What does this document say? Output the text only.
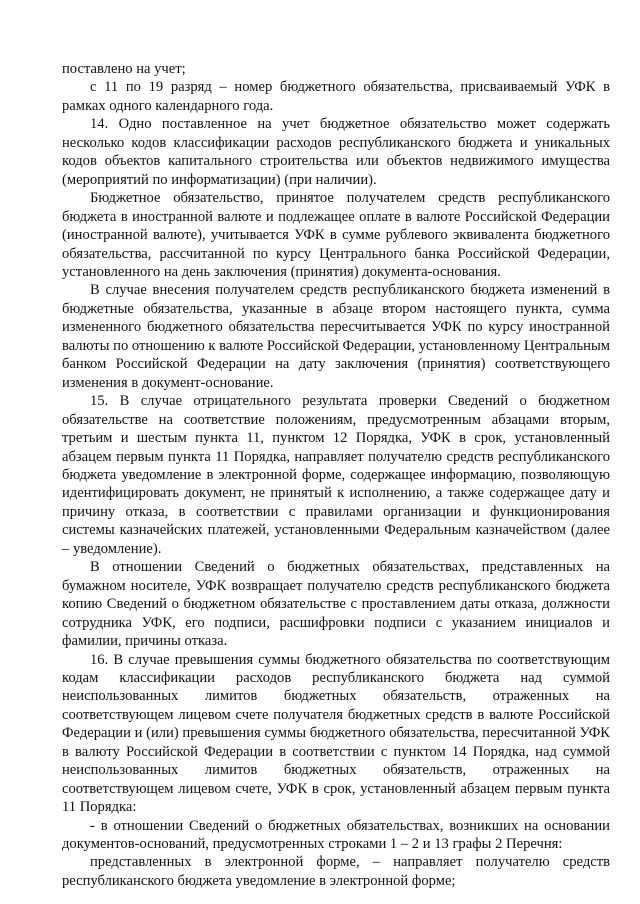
поставлено на учет;

с 11 по 19 разряд – номер бюджетного обязательства, присваиваемый УФК в рамках одного календарного года.

14. Одно поставленное на учет бюджетное обязательство может содержать несколько кодов классификации расходов республиканского бюджета и уникальных кодов объектов капитального строительства или объектов недвижимого имущества (мероприятий по информатизации) (при наличии).

Бюджетное обязательство, принятое получателем средств республиканского бюджета в иностранной валюте и подлежащее оплате в валюте Российской Федерации (иностранной валюте), учитывается УФК в сумме рублевого эквивалента бюджетного обязательства, рассчитанной по курсу Центрального банка Российской Федерации, установленного на день заключения (принятия) документа-основания.

В случае внесения получателем средств республиканского бюджета изменений в бюджетные обязательства, указанные в абзаце втором настоящего пункта, сумма измененного бюджетного обязательства пересчитывается УФК по курсу иностранной валюты по отношению к валюте Российской Федерации, установленному Центральным банком Российской Федерации на дату заключения (принятия) соответствующего изменения в документ-основание.

15. В случае отрицательного результата проверки Сведений о бюджетном обязательстве на соответствие положениям, предусмотренным абзацами вторым, третьим и шестым пункта 11, пунктом 12 Порядка, УФК в срок, установленный абзацем первым пункта 11 Порядка, направляет получателю средств республиканского бюджета уведомление в электронной форме, содержащее информацию, позволяющую идентифицировать документ, не принятый к исполнению, а также содержащее дату и причину отказа, в соответствии с правилами организации и функционирования системы казначейских платежей, установленными Федеральным казначейством (далее – уведомление).

В отношении Сведений о бюджетных обязательствах, представленных на бумажном носителе, УФК возвращает получателю средств республиканского бюджета копию Сведений о бюджетном обязательстве с проставлением даты отказа, должности сотрудника УФК, его подписи, расшифровки подписи с указанием инициалов и фамилии, причины отказа.

16. В случае превышения суммы бюджетного обязательства по соответствующим кодам классификации расходов республиканского бюджета над суммой неиспользованных лимитов бюджетных обязательств, отраженных на соответствующем лицевом счете получателя бюджетных средств в валюте Российской Федерации и (или) превышения суммы бюджетного обязательства, пересчитанной УФК в валюту Российской Федерации в соответствии с пунктом 14 Порядка, над суммой неиспользованных лимитов бюджетных обязательств, отраженных на соответствующем лицевом счете, УФК в срок, установленный абзацем первым пункта 11 Порядка:

- в отношении Сведений о бюджетных обязательствах, возникших на основании документов-оснований, предусмотренных строками 1 – 2 и 13 графы 2 Перечня:

представленных в электронной форме, – направляет получателю средств республиканского бюджета уведомление в электронной форме;
